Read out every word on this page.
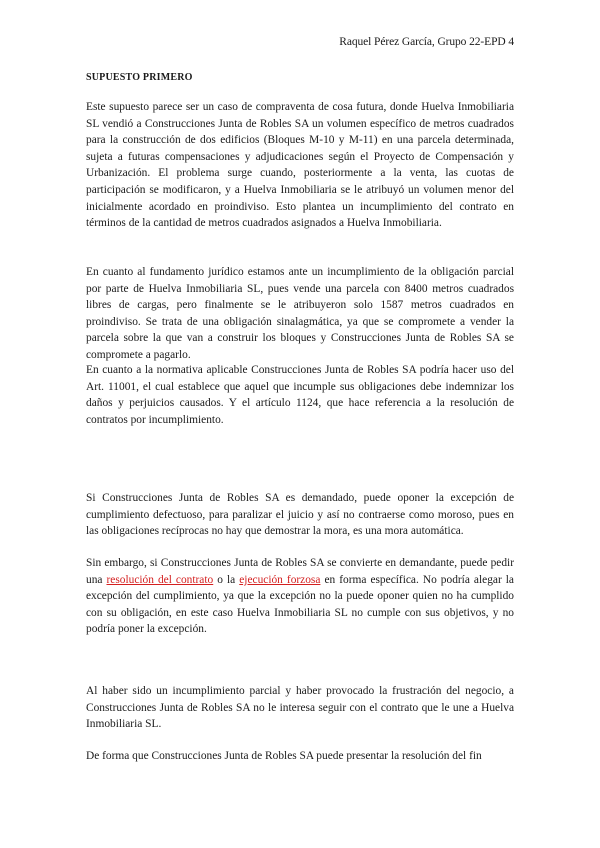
Raquel Pérez García, Grupo 22-EPD 4
SUPUESTO PRIMERO

Este supuesto parece ser un caso de compraventa de cosa futura, donde Huelva Inmobiliaria SL vendió a Construcciones Junta de Robles SA un volumen específico de metros cuadrados para la construcción de dos edificios (Bloques M-10 y M-11) en una parcela determinada, sujeta a futuras compensaciones y adjudicaciones según el Proyecto de Compensación y Urbanización. El problema surge cuando, posteriormente a la venta, las cuotas de participación se modificaron, y a Huelva Inmobiliaria se le atribuyó un volumen menor del inicialmente acordado en proindiviso. Esto plantea un incumplimiento del contrato en términos de la cantidad de metros cuadrados asignados a Huelva Inmobiliaria.

En cuanto al fundamento jurídico estamos ante un incumplimiento de la obligación parcial por parte de Huelva Inmobiliaria SL, pues vende una parcela con 8400 metros cuadrados libres de cargas, pero finalmente se le atribuyeron solo 1587 metros cuadrados en proindiviso. Se trata de una obligación sinalagmática, ya que se compromete a vender la parcela sobre la que van a construir los bloques y Construcciones Junta de Robles SA se compromete a pagarlo.

En cuanto a la normativa aplicable Construcciones Junta de Robles SA podría hacer uso del Art. 11001, el cual establece que aquel que incumple sus obligaciones debe indemnizar los daños y perjuicios causados. Y el artículo 1124, que hace referencia a la resolución de contratos por incumplimiento.

Si Construcciones Junta de Robles SA es demandado, puede oponer la excepción de cumplimiento defectuoso, para paralizar el juicio y así no contraerse como moroso, pues en las obligaciones recíprocas no hay que demostrar la mora, es una mora automática.

Sin embargo, si Construcciones Junta de Robles SA se convierte en demandante, puede pedir una resolución del contrato o la ejecución forzosa en forma específica. No podría alegar la excepción del cumplimiento, ya que la excepción no la puede oponer quien no ha cumplido con su obligación, en este caso Huelva Inmobiliaria SL no cumple con sus objetivos, y no podría poner la excepción.

Al haber sido un incumplimiento parcial y haber provocado la frustración del negocio, a Construcciones Junta de Robles SA no le interesa seguir con el contrato que le une a Huelva Inmobiliaria SL.

De forma que Construcciones Junta de Robles SA puede presentar la resolución del fin
